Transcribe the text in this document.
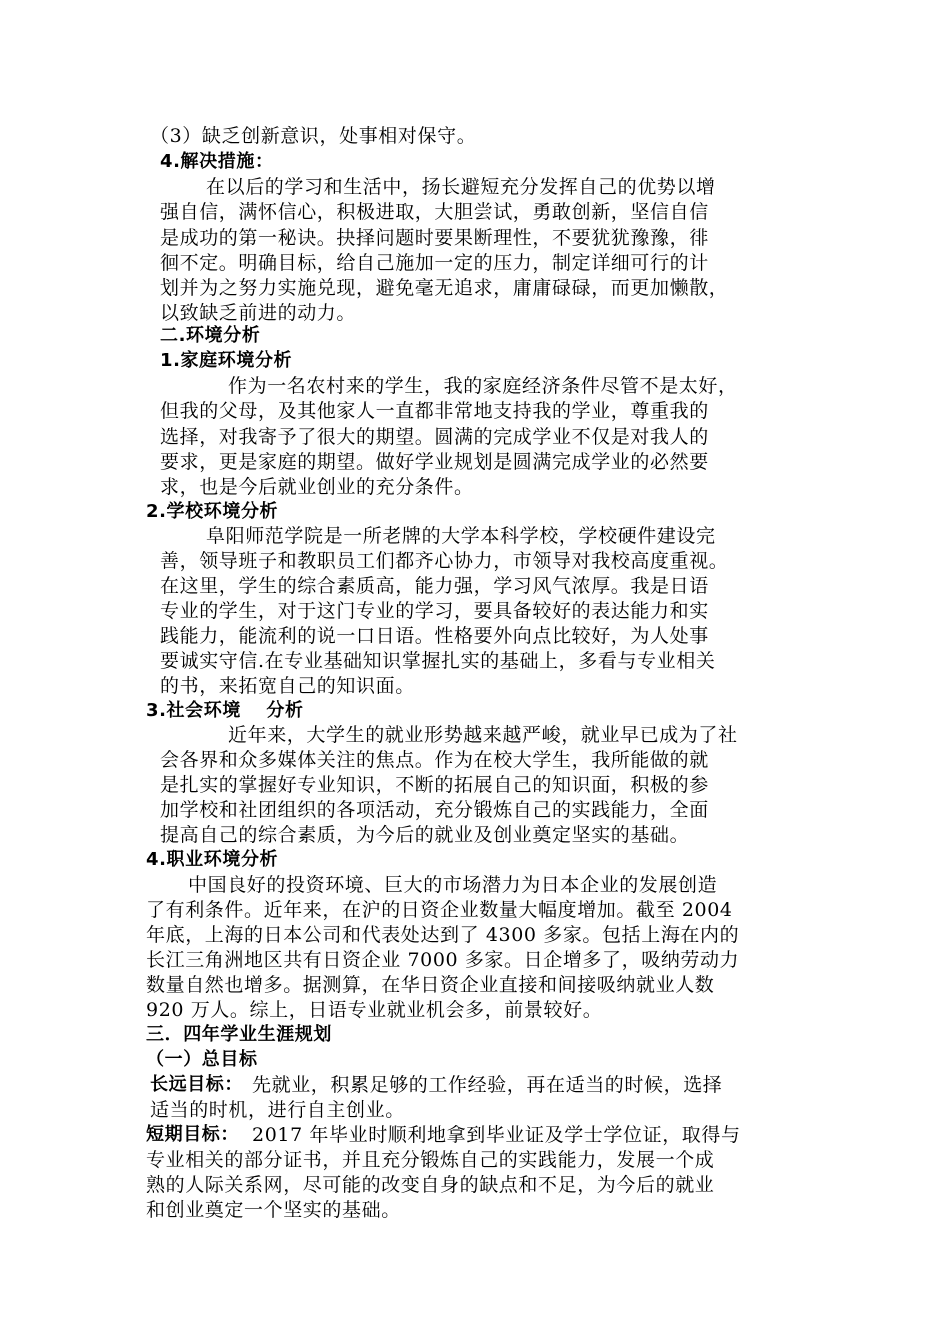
（3）缺乏创新意识，处事相对保守。
4.解决措施：
在以后的学习和生活中，扬长避短充分发挥自己的优势以增
强自信，满怀信心，积极进取，大胆尝试，勇敢创新，坚信自信
是成功的第一秘诀。抉择问题时要果断理性，不要犹犹豫豫，徘
徊不定。明确目标，给自己施加一定的压力，制定详细可行的计
划并为之努力实施兑现，避免毫无追求，庸庸碌碌，而更加懒散，
以致缺乏前进的动力。
二.环境分析
1.家庭环境分析
作为一名农村来的学生，我的家庭经济条件尽管不是太好，
但我的父母，及其他家人一直都非常地支持我的学业，尊重我的
选择，对我寄予了很大的期望。圆满的完成学业不仅是对我人的
要求，更是家庭的期望。做好学业规划是圆满完成学业的必然要
求，也是今后就业创业的充分条件。
2.学校环境分析
阜阳师范学院是一所老牌的大学本科学校，学校硬件建设完
善，领导班子和教职员工们都齐心协力，市领导对我校高度重视。
在这里，学生的综合素质高，能力强，学习风气浓厚。我是日语
专业的学生，对于这门专业的学习，要具备较好的表达能力和实
践能力，能流利的说一口日语。性格要外向点比较好，为人处事
要诚实守信.在专业基础知识掌握扎实的基础上，多看与专业相关
的书，来拓宽自己的知识面。
3.社会环境　 分析
近年来，大学生的就业形势越来越严峻，就业早已成为了社
会各界和众多媒体关注的焦点。作为在校大学生，我所能做的就
是扎实的掌握好专业知识，不断的拓展自己的知识面，积极的参
加学校和社团组织的各项活动，充分锻炼自己的实践能力，全面
提高自己的综合素质，为今后的就业及创业奠定坚实的基础。
4.职业环境分析
中国良好的投资环境、巨大的市场潜力为日本企业的发展创造
了有利条件。近年来，在沪的日资企业数量大幅度增加。截至 2004
年底，上海的日本公司和代表处达到了 4300 多家。包括上海在内的
长江三角洲地区共有日资企业 7000 多家。日企增多了，吸纳劳动力
数量自然也增多。据测算，在华日资企业直接和间接吸纳就业人数
920 万人。综上，日语专业就业机会多，前景较好。
三．四年学业生涯规划
（一）总目标
长远目标： 先就业，积累足够的工作经验，再在适当的时候，选择
适当的时机，进行自主创业。
短期目标： 2017 年毕业时顺利地拿到毕业证及学士学位证，取得与
专业相关的部分证书，并且充分锻炼自己的实践能力，发展一个成
熟的人际关系网，尽可能的改变自身的缺点和不足，为今后的就业
和创业奠定一个坚实的基础。
